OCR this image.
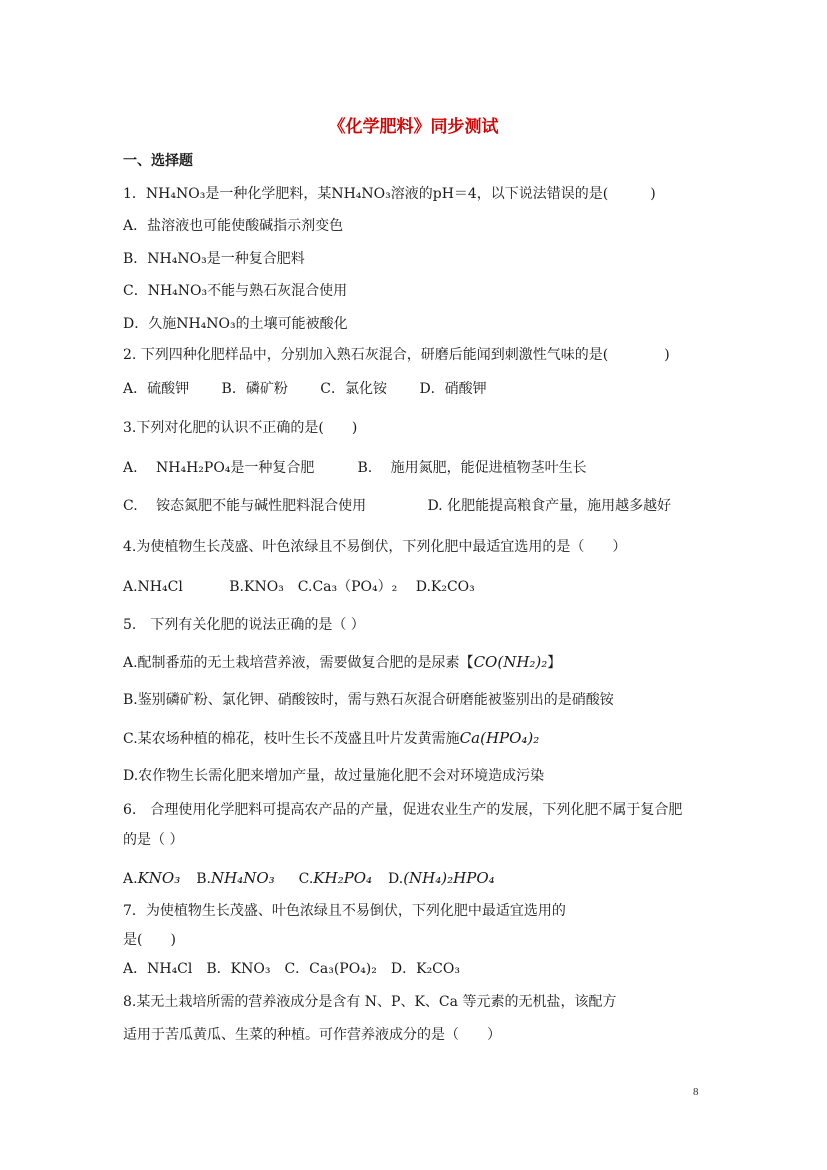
《化学肥料》同步测试
一、选择题
1．NH₄NO₃是一种化学肥料，某NH₄NO₃溶液的pH＝4，以下说法错误的是(　　　)
A．盐溶液也可能使酸碱指示剂变色
B．NH₄NO₃是一种复合肥料
C．NH₄NO₃不能与熟石灰混合使用
D．久施NH₄NO₃的土壤可能被酸化
2. 下列四种化肥样品中，分别加入熟石灰混合，研磨后能闻到刺激性气味的是(　　　　)
A．硫酸钾　　 B．磷矿粉　　 C．氯化铵　　 D．硝酸钾
3.下列对化肥的认识不正确的是(　　)
A.　 NH₄H₂PO₄是一种复合肥	B.　 施用氮肥，能促进植物茎叶生长
C.　 铵态氮肥不能与碱性肥料混合使用	D. 化肥能提高粮食产量，施用越多越好
4.为使植物生长茂盛、叶色浓绿且不易倒伏，下列化肥中最适宜选用的是（　　）
A.NH₄Cl　　　 B.KNO₃　C.Ca₃（PO₄）₂　 D.K₂CO₃
5.　下列有关化肥的说法正确的是（ ）
A.配制番茄的无土栽培营养液，需要做复合肥的是尿素【CO(NH₂)₂】
B.鉴别磷矿粉、氯化钾、硝酸铵时，需与熟石灰混合研磨能被鉴别出的是硝酸铵
C.某农场种植的棉花，枝叶生长不茂盛且叶片发黄需施Ca(HPO₄)₂
D.农作物生长需化肥来增加产量，故过量施化肥不会对环境造成污染
6.　合理使用化学肥料可提高农产品的产量，促进农业生产的发展，下列化肥不属于复合肥
的是（ ）
A.KNO₃ B.NH₄NO₃ C.KH₂PO₄ D.(NH₄)₂HPO₄
7．为使植物生长茂盛、叶色浓绿且不易倒伏，下列化肥中最适宜选用的
是(　　)
A．NH₄Cl　B．KNO₃　C．Ca₃(PO₄)₂　D．K₂CO₃
8.某无土栽培所需的营养液成分是含有 N、P、K、Ca 等元素的无机盐，该配方
适用于苦瓜黄瓜、生菜的种植。可作营养液成分的是（　　）
8
